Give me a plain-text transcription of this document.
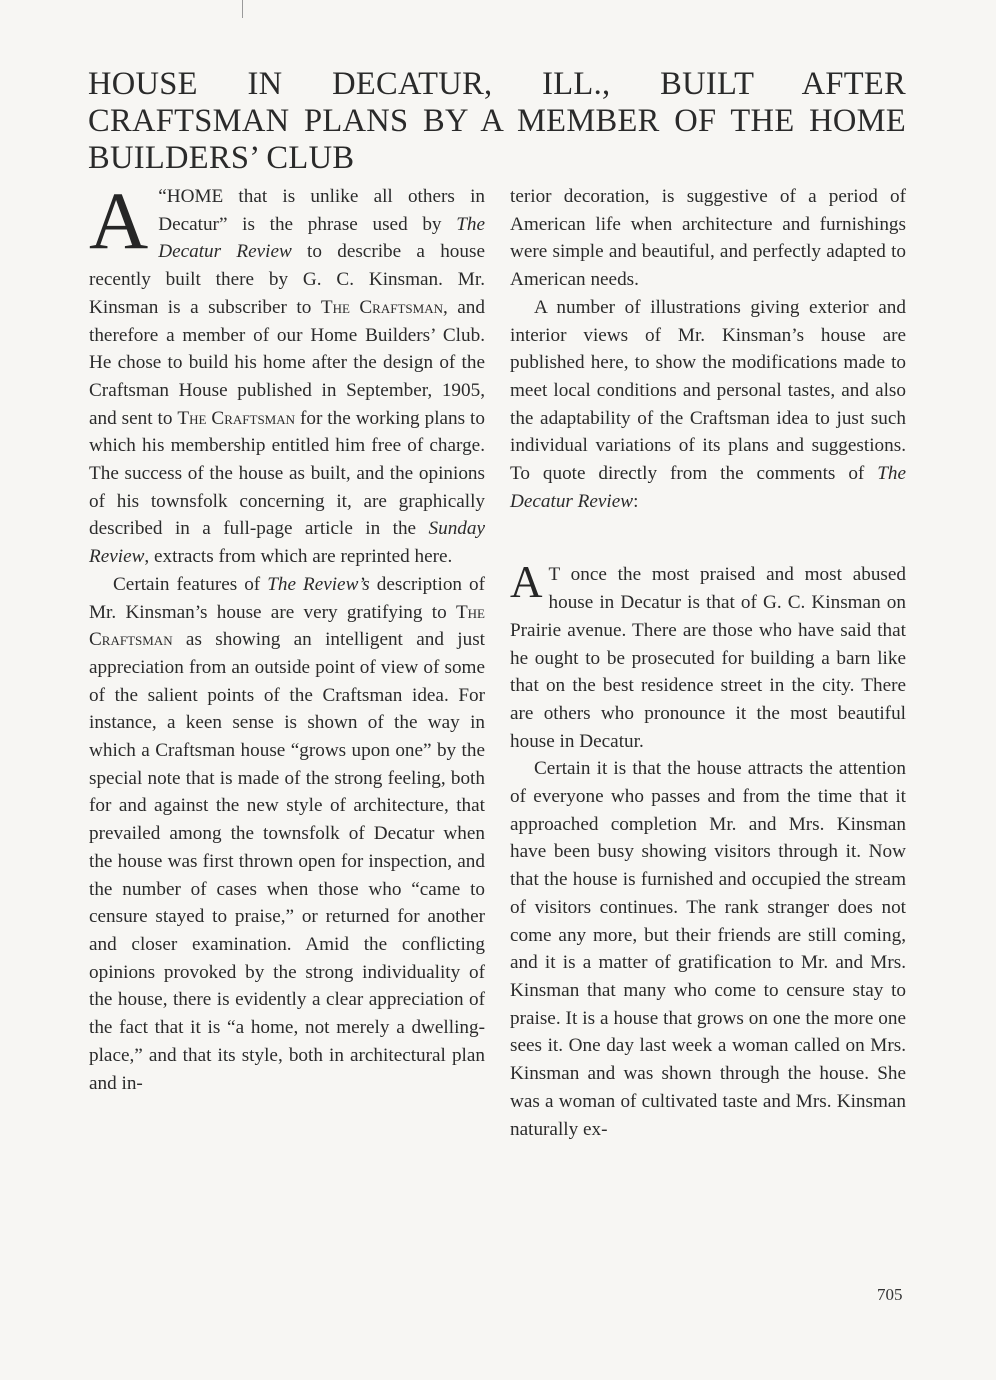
HOUSE IN DECATUR, ILL., BUILT AFTER CRAFTSMAN PLANS BY A MEMBER OF THE HOME BUILDERS’ CLUB

A “HOME that is unlike all others in Decatur” is the phrase used by The Decatur Review to describe a house recently built there by G. C. Kinsman. Mr. Kinsman is a subscriber to The Craftsman, and therefore a member of our Home Builders’ Club. He chose to build his home after the design of the Craftsman House published in September, 1905, and sent to The Craftsman for the working plans to which his membership entitled him free of charge. The success of the house as built, and the opinions of his townsfolk concerning it, are graphically described in a full-page article in the Sunday Review, extracts from which are reprinted here.

Certain features of The Review’s description of Mr. Kinsman’s house are very gratifying to The Craftsman as showing an intelligent and just appreciation from an outside point of view of some of the salient points of the Craftsman idea. For instance, a keen sense is shown of the way in which a Craftsman house “grows upon one” by the special note that is made of the strong feeling, both for and against the new style of architecture, that prevailed among the townsfolk of Decatur when the house was first thrown open for inspection, and the number of cases when those who “came to censure stayed to praise,” or returned for another and closer examination. Amid the conflicting opinions provoked by the strong individuality of the house, there is evidently a clear appreciation of the fact that it is “a home, not merely a dwelling-place,” and that its style, both in architectural plan and in-

terior decoration, is suggestive of a period of American life when architecture and furnishings were simple and beautiful, and perfectly adapted to American needs.

A number of illustrations giving exterior and interior views of Mr. Kinsman’s house are published here, to show the modifications made to meet local conditions and personal tastes, and also the adaptability of the Craftsman idea to just such individual variations of its plans and suggestions. To quote directly from the comments of The Decatur Review:

A T once the most praised and most abused house in Decatur is that of G. C. Kinsman on Prairie avenue. There are those who have said that he ought to be prosecuted for building a barn like that on the best residence street in the city. There are others who pronounce it the most beautiful house in Decatur.

Certain it is that the house attracts the attention of everyone who passes and from the time that it approached completion Mr. and Mrs. Kinsman have been busy showing visitors through it. Now that the house is furnished and occupied the stream of visitors continues. The rank stranger does not come any more, but their friends are still coming, and it is a matter of gratification to Mr. and Mrs. Kinsman that many who come to censure stay to praise. It is a house that grows on one the more one sees it. One day last week a woman called on Mrs. Kinsman and was shown through the house. She was a woman of cultivated taste and Mrs. Kinsman naturally ex-

705
